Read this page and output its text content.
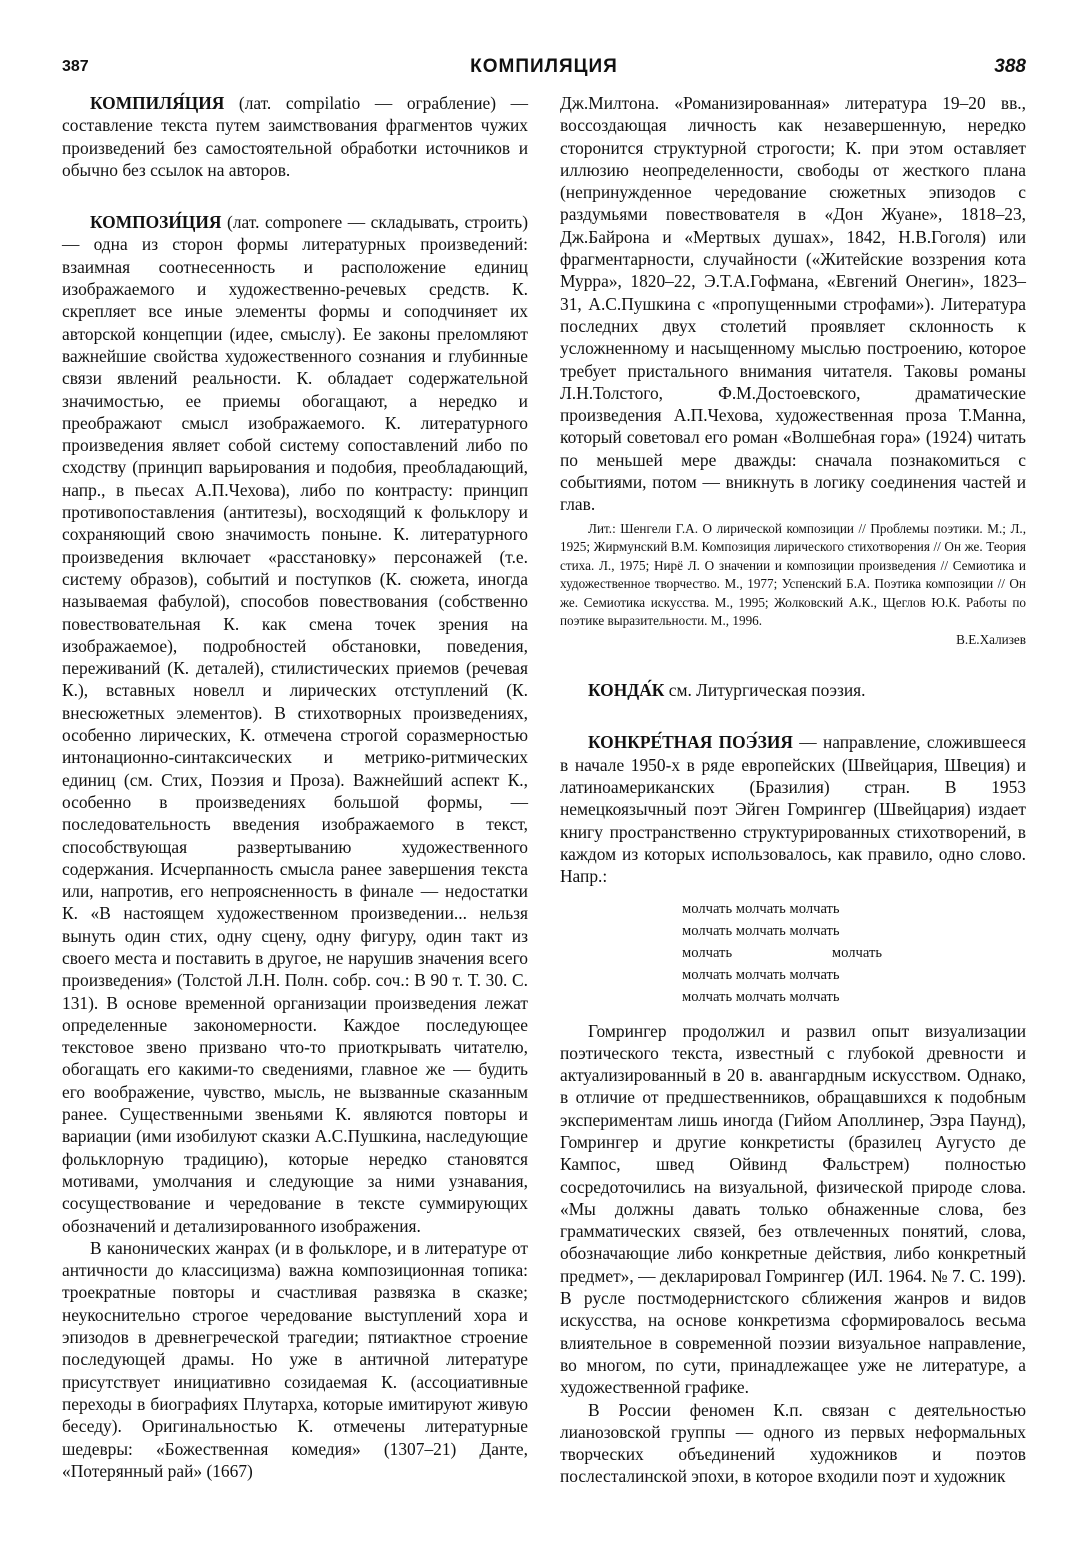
387	КОМПИЛЯЦИЯ	388

КОМПИЛЯ́ЦИЯ (лат. compilatio — ограбление) — составление текста путем заимствования фрагментов чужих произведений без самостоятельной обработки источников и обычно без ссылок на авторов.

КОМПОЗИ́ЦИЯ (лат. componere — складывать, строить) — одна из сторон формы литературных произведений: взаимная соотнесенность и расположение единиц изображаемого и художественно-речевых средств. К. скрепляет все иные элементы формы и соподчиняет их авторской концепции (идее, смыслу). Ее законы преломляют важнейшие свойства художественного сознания и глубинные связи явлений реальности. К. обладает содержательной значимостью, ее приемы обогащают, а нередко и преображают смысл изображаемого. К. литературного произведения являет собой систему сопоставлений либо по сходству (принцип варьирования и подобия, преобладающий, напр., в пьесах А.П.Чехова), либо по контрасту: принцип противопоставления (антитезы), восходящий к фольклору и сохраняющий свою значимость поныне. К. литературного произведения включает «расстановку» персонажей (т.е. систему образов), событий и поступков (К. сюжета, иногда называемая фабулой), способов повествования (собственно повествовательная К. как смена точек зрения на изображаемое), подробностей обстановки, поведения, переживаний (К. деталей), стилистических приемов (речевая К.), вставных новелл и лирических отступлений (К. внесюжетных элементов). В стихотворных произведениях, особенно лирических, К. отмечена строгой соразмерностью интонационно-синтаксических и метрико-ритмических единиц (см. Стих, Поэзия и Проза). Важнейший аспект К., особенно в произведениях большой формы, — последовательность введения изображаемого в текст, способствующая развертыванию художественного содержания. Исчерпанность смысла ранее завершения текста или, напротив, его непроясненность в финале — недостатки К. «В настоящем художественном произведении... нельзя вынуть один стих, одну сцену, одну фигуру, один такт из своего места и поставить в другое, не нарушив значения всего произведения» (Толстой Л.Н. Полн. собр. соч.: В 90 т. Т. 30. С. 131). В основе временной организации произведения лежат определенные закономерности. Каждое последующее текстовое звено призвано что-то приоткрывать читателю, обогащать его какими-то сведениями, главное же — будить его воображение, чувство, мысль, не вызванные сказанным ранее. Существенными звеньями К. являются повторы и вариации (ими изобилуют сказки А.С.Пушкина, наследующие фольклорную традицию), которые нередко становятся мотивами, умолчания и следующие за ними узнавания, сосуществование и чередование в тексте суммирующих обозначений и детализированного изображения.

В канонических жанрах (и в фольклоре, и в литературе от античности до классицизма) важна композиционная топика: троекратные повторы и счастливая развязка в сказке; неукоснительно строгое чередование выступлений хора и эпизодов в древнегреческой трагедии; пятиактное строение последующей драмы. Но уже в античной литературе присутствует инициативно созидаемая К. (ассоциативные переходы в биографиях Плутарха, которые имитируют живую беседу). Оригинальностью К. отмечены литературные шедевры: «Божественная комедия» (1307–21) Данте, «Потерянный рай» (1667)

Дж.Милтона. «Романизированная» литература 19–20 вв., воссоздающая личность как незавершенную, нередко сторонится структурной строгости; К. при этом оставляет иллюзию неопределенности, свободы от жесткого плана (непринужденное чередование сюжетных эпизодов с раздумьями повествователя в «Дон Жуане», 1818–23, Дж.Байрона и «Мертвых душах», 1842, Н.В.Гоголя) или фрагментарности, случайности («Житейские воззрения кота Мурра», 1820–22, Э.Т.А.Гофмана, «Евгений Онегин», 1823–31, А.С.Пушкина с «пропущенными строфами»). Литература последних двух столетий проявляет склонность к усложненному и насыщенному мыслью построению, которое требует пристального внимания читателя. Таковы романы Л.Н.Толстого, Ф.М.Достоевского, драматические произведения А.П.Чехова, художественная проза Т.Манна, который советовал его роман «Волшебная гора» (1924) читать по меньшей мере дважды: сначала познакомиться с событиями, потом — вникнуть в логику соединения частей и глав.

Лит.: Шенгели Г.А. О лирической композиции // Проблемы поэтики. М.; Л., 1925; Жирмунский В.М. Композиция лирического стихотворения // Он же. Теория стиха. Л., 1975; Нирё Л. О значении и композиции произведения // Семиотика и художественное творчество. М., 1977; Успенский Б.А. Поэтика композиции // Он же. Семиотика искусства. М., 1995; Жолковский А.К., Щеглов Ю.К. Работы по поэтике выразительности. М., 1996.
В.Е.Хализев

КОНДА́К см. Литургическая поэзия.

КОНКРЕ́ТНАЯ ПОЭ́ЗИЯ — направление, сложившееся в начале 1950-х в ряде европейских (Швейцария, Швеция) и латиноамериканских (Бразилия) стран. В 1953 немецкоязычный поэт Эйген Гомрингер (Швейцария) издает книгу пространственно структурированных стихотворений, в каждом из которых использовалось, как правило, одно слово. Напр.:

молчать молчать молчать
молчать молчать молчать
молчать	молчать
молчать молчать молчать
молчать молчать молчать

Гомрингер продолжил и развил опыт визуализации поэтического текста, известный с глубокой древности и актуализированный в 20 в. авангардным искусством. Однако, в отличие от предшественников, обращавшихся к подобным экспериментам лишь иногда (Гийом Аполлинер, Эзра Паунд), Гомрингер и другие конкретисты (бразилец Аугусто де Кампос, швед Ойвинд Фальстрем) полностью сосредоточились на визуальной, физической природе слова. «Мы должны давать только обнаженные слова, без грамматических связей, без отвлеченных понятий, слова, обозначающие либо конкретные действия, либо конкретный предмет», — декларировал Гомрингер (ИЛ. 1964. № 7. С. 199). В русле постмодернистского сближения жанров и видов искусства, на основе конкретизма сформировалось весьма влиятельное в современной поэзии визуальное направление, во многом, по сути, принадлежащее уже не литературе, а художественной графике.

В России феномен К.п. связан с деятельностью лианозовской группы — одного из первых неформальных творческих объединений художников и поэтов послесталинской эпохи, в которое входили поэт и художник
